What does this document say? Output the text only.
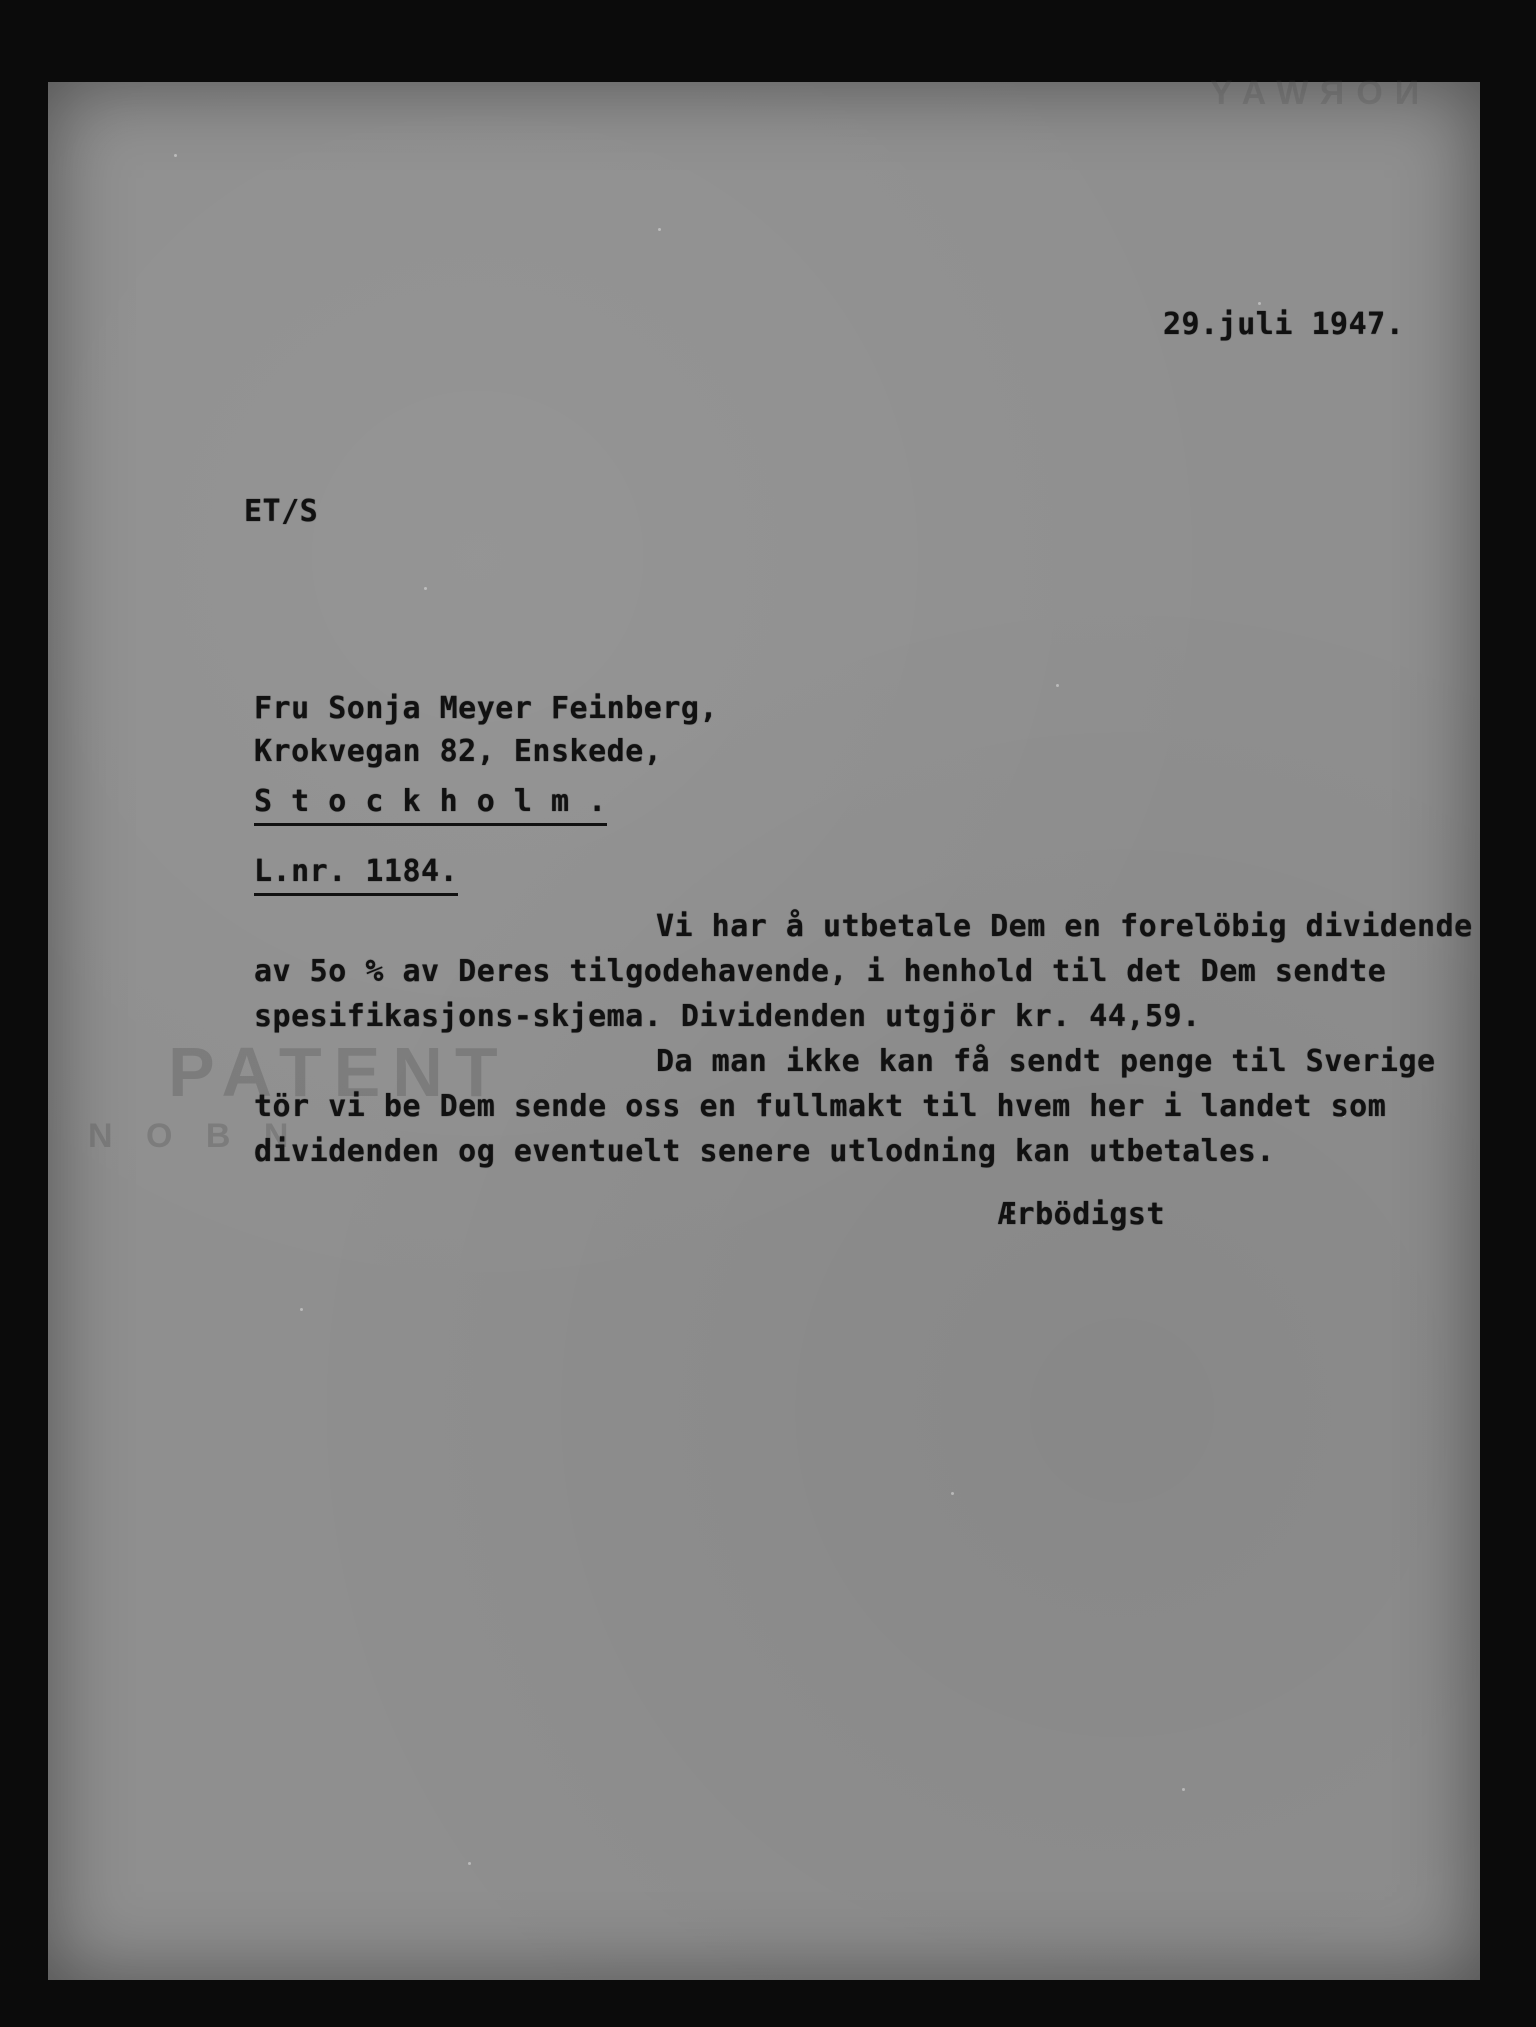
NORWAY
PATENT
N O B N
29.juli 1947.
ET/S
Fru Sonja Meyer Feinberg,
Krokvegan 82, Enskede,
S t o c k h o l m .
L.nr. 1184.
Vi har å utbetale Dem en forelöbig dividende
av 5o % av Deres tilgodehavende, i henhold til det Dem sendte
spesifikasjons-skjema. Dividenden utgjör kr. 44,59.
Da man ikke kan få sendt penge til Sverige
tör vi be Dem sende oss en fullmakt til hvem her i landet som
dividenden og eventuelt senere utlodning kan utbetales.
Ærbödigst
